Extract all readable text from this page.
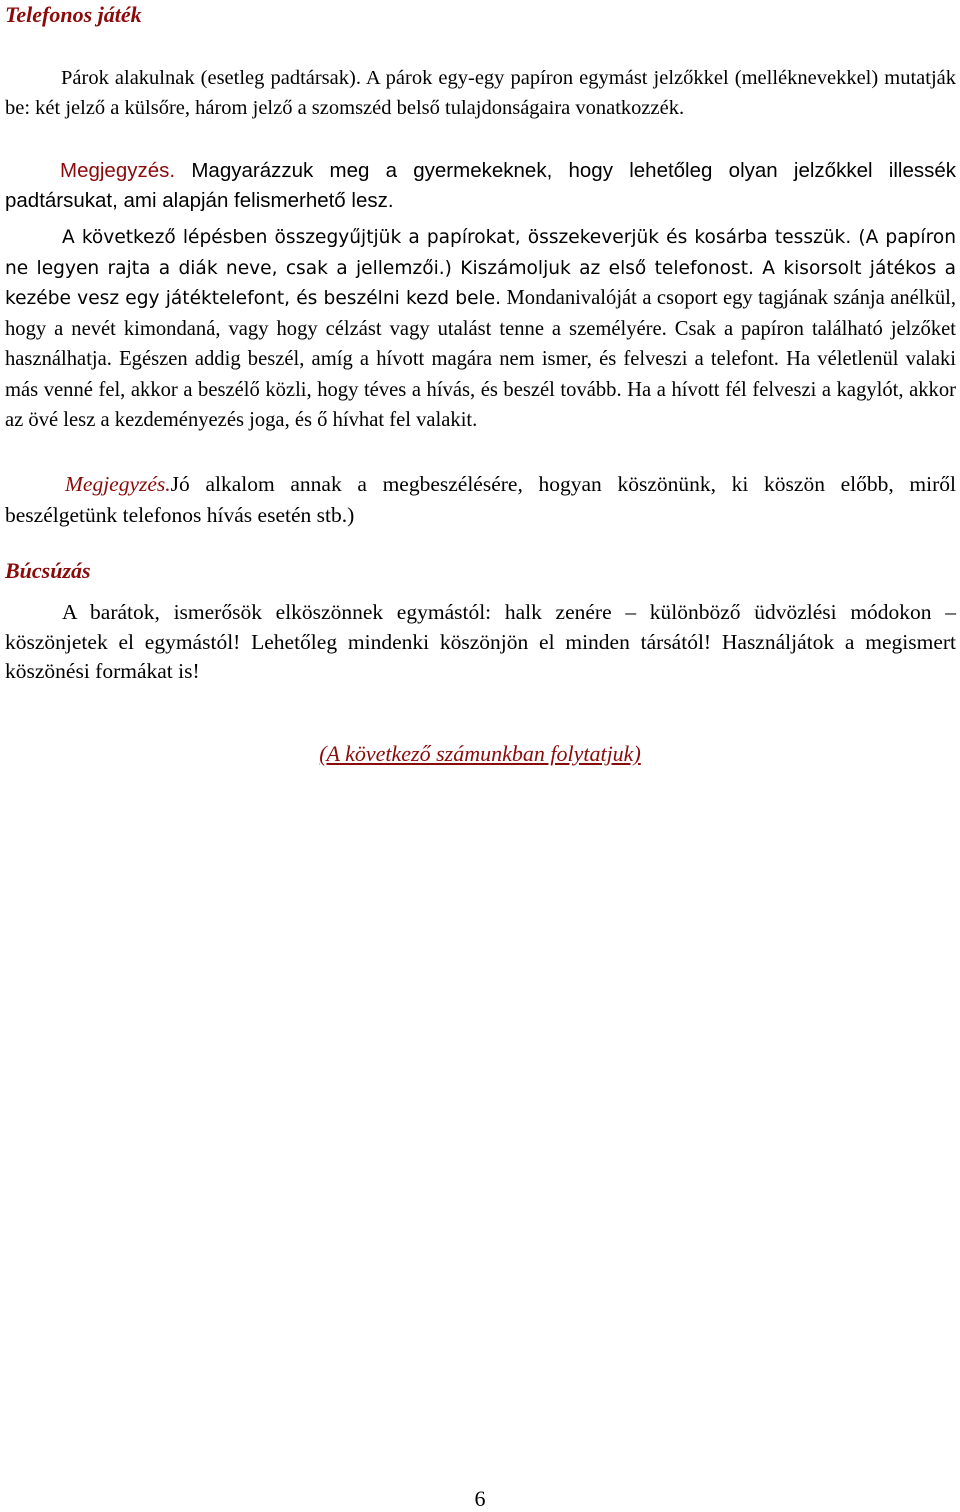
Telefonos játék

Párok alakulnak (esetleg padtársak). A párok egy-egy papíron egymást jelzőkkel (melléknevekkel) mutatják be: két jelző a külsőre, három jelző a szomszéd belső tulajdonságaira vonatkozzék.

Megjegyzés. Magyarázzuk meg a gyermekeknek, hogy lehetőleg olyan jelzőkkel illessék padtársukat, ami alapján felismerhető lesz.

A következő lépésben összegyűjtjük a papírokat, összekeverjük és kosárba tesszük. (A papíron ne legyen rajta a diák neve, csak a jellemzői.) Kiszámoljuk az első telefonost. A kisorsolt játékos a kezébe vesz egy játéktelefont, és beszélni kezd bele. Mondanivalóját a csoport egy tagjának szánja anélkül, hogy a nevét kimondaná, vagy hogy célzást vagy utalást tenne a személyére. Csak a papíron található jelzőket használhatja. Egészen addig beszél, amíg a hívott magára nem ismer, és felveszi a telefont. Ha véletlenül valaki más venné fel, akkor a beszélő közli, hogy téves a hívás, és beszél tovább. Ha a hívott fél felveszi a kagylót, akkor az övé lesz a kezdeményezés joga, és ő hívhat fel valakit.

Megjegyzés.Jó alkalom annak a megbeszélésére, hogyan köszönünk, ki köszön előbb, miről beszélgetünk telefonos hívás esetén stb.)

Búcsúzás

A barátok, ismerősök elköszönnek egymástól: halk zenére – különböző üdvözlési módokon – köszönjetek el egymástól! Lehetőleg mindenki köszönjön el minden társától! Használjátok a megismert köszönési formákat is!

(A következő számunkban folytatjuk)

6
